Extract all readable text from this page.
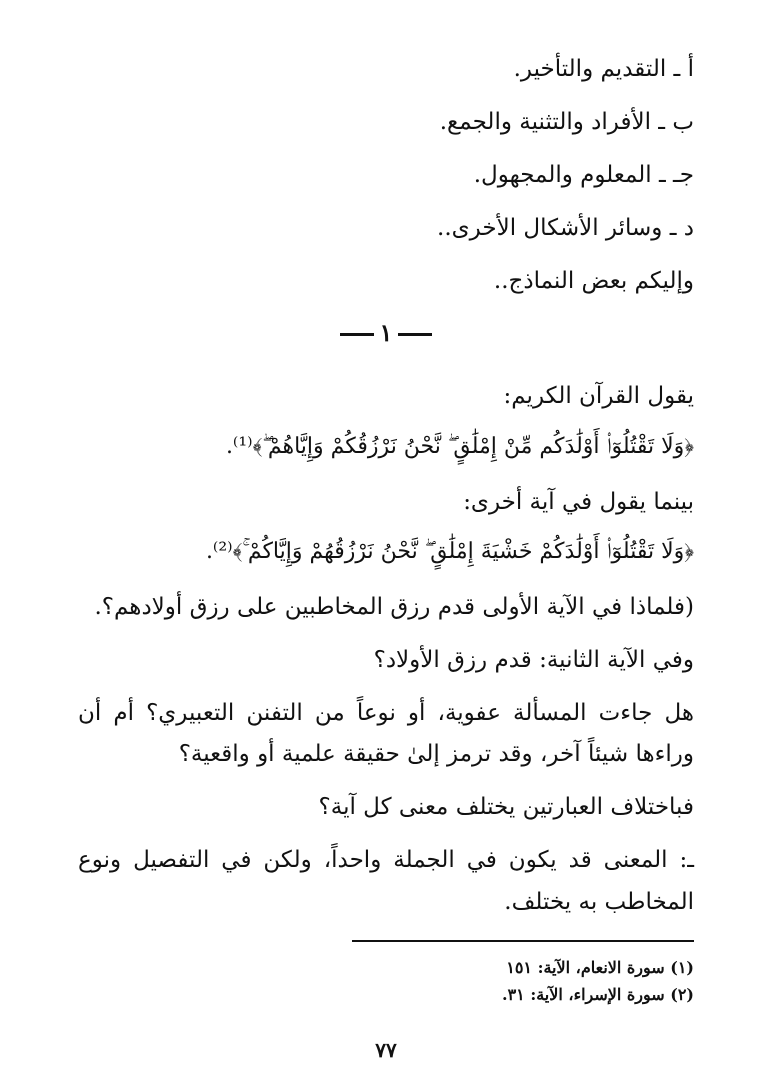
أ ـ التقديم والتأخير.
ب ـ الأفراد والتثنية والجمع.
جـ ـ المعلوم والمجهول.
د ـ وسائر الأشكال الأخرى..
وإليكم بعض النماذج..
١
يقول القرآن الكريم:
﴿وَلَا تَقْتُلُوٓا۟ أَوْلَٰدَكُم مِّنْ إِمْلَٰقٍ ۖ نَّحْنُ نَرْزُقُكُمْ وَإِيَّاهُمْ ۖ﴾⁽¹⁾.
بينما يقول في آية أخرى:
﴿وَلَا تَقْتُلُوٓا۟ أَوْلَٰدَكُمْ خَشْيَةَ إِمْلَٰقٍ ۖ نَّحْنُ نَرْزُقُهُمْ وَإِيَّاكُمْ ۚ﴾⁽²⁾.
(فلماذا في الآية الأولى قدم رزق المخاطبين على رزق أولادهم؟.
وفي الآية الثانية: قدم رزق الأولاد؟
هل جاءت المسألة عفوية، أو نوعاً من التفنن التعبيري؟ أم أن
وراءها شيئاً آخر، وقد ترمز إلىٰ حقيقة علمية أو واقعية؟
فباختلاف العبارتين يختلف معنى كل آية؟
ـ: المعنى قد يكون في الجملة واحداً، ولكن في التفصيل ونوع
المخاطب به يختلف.
(١) سورة الانعام، الآية: ١٥١
(٢) سورة الإسراء، الآية: ٣١.
٧٧
